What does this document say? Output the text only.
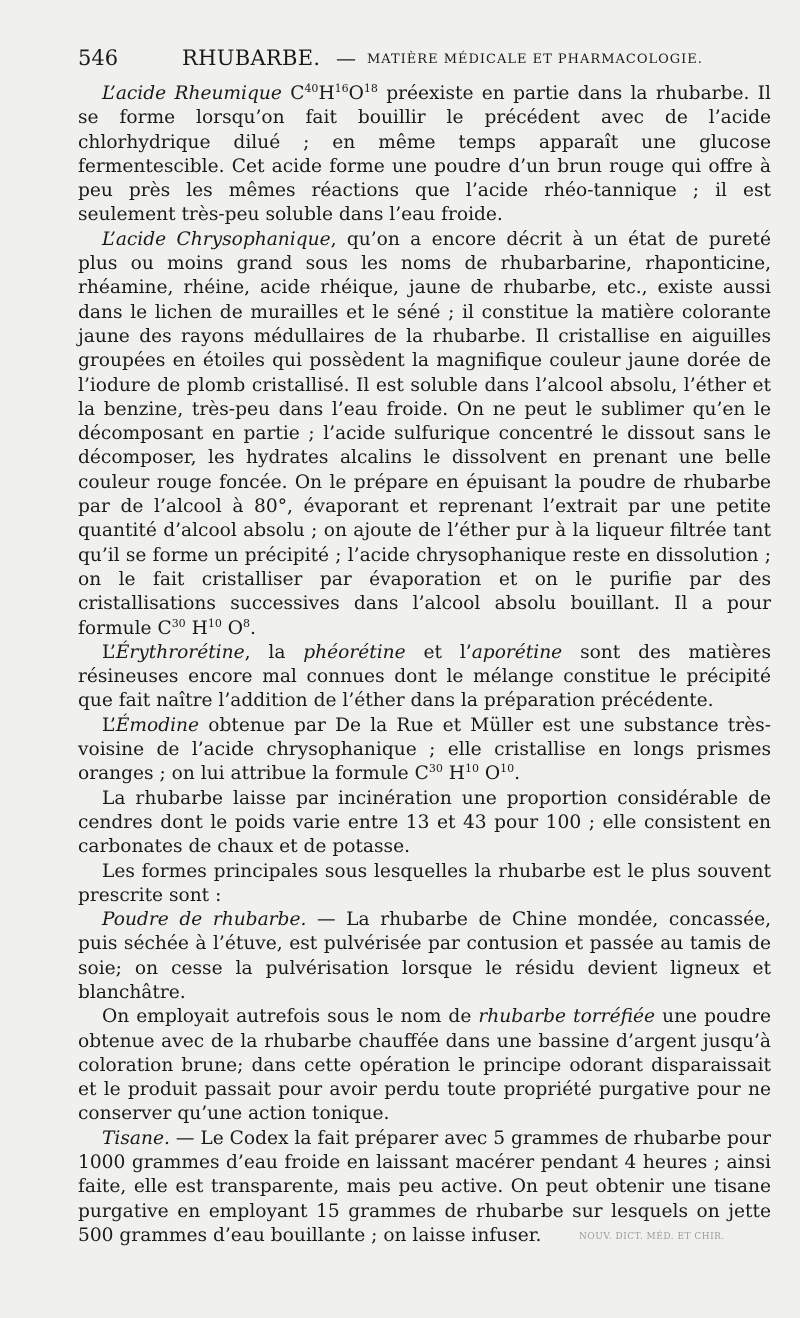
546	RHUBARBE. — MATIÈRE MÉDICALE ET PHARMACOLOGIE.

L’acide Rheumique $C^{40}H^{16}O^{18}$ préexiste en partie dans la rhubarbe. Il se forme lorsqu’on fait bouillir le précédent avec de l’acide chlorhydrique dilué ; en même temps apparaît une glucose fermentescible. Cet acide forme une poudre d’un brun rouge qui offre à peu près les mêmes réactions que l’acide rhéo-tannique ; il est seulement très-peu soluble dans l’eau froide.

L’acide Chrysophanique, qu’on a encore décrit à un état de pureté plus ou moins grand sous les noms de rhubarbarine, rhaponticine, rhéamine, rhéine, acide rhéique, jaune de rhubarbe, etc., existe aussi dans le lichen de murailles et le séné ; il constitue la matière colorante jaune des rayons médullaires de la rhubarbe. Il cristallise en aiguilles groupées en étoiles qui possèdent la magnifique couleur jaune dorée de l’iodure de plomb cristallisé. Il est soluble dans l’alcool absolu, l’éther et la benzine, très-peu dans l’eau froide. On ne peut le sublimer qu’en le décomposant en partie ; l’acide sulfurique concentré le dissout sans le décomposer, les hydrates alcalins le dissolvent en prenant une belle couleur rouge foncée. On le prépare en épuisant la poudre de rhubarbe par de l’alcool à 80°, évaporant et reprenant l’extrait par une petite quantité d’alcool absolu ; on ajoute de l’éther pur à la liqueur filtrée tant qu’il se forme un précipité ; l’acide chrysophanique reste en dissolution ; on le fait cristalliser par évaporation et on le purifie par des cristallisations successives dans l’alcool absolu bouillant. Il a pour formule $C^{30}$ $H^{10}$ $O^8$.

L’Érythrorétine, la phéorétine et l’aporétine sont des matières résineuses encore mal connues dont le mélange constitue le précipité que fait naître l’addition de l’éther dans la préparation précédente.

L’Émodine obtenue par De la Rue et Müller est une substance très-voisine de l’acide chrysophanique ; elle cristallise en longs prismes oranges ; on lui attribue la formule $C^{30}$ $H^{10}$ $O^{10}$.

La rhubarbe laisse par incinération une proportion considérable de cendres dont le poids varie entre 13 et 43 pour 100 ; elle consistent en carbonates de chaux et de potasse.

Les formes principales sous lesquelles la rhubarbe est le plus souvent prescrite sont :

Poudre de rhubarbe. — La rhubarbe de Chine mondée, concassée, puis séchée à l’étuve, est pulvérisée par contusion et passée au tamis de soie; on cesse la pulvérisation lorsque le résidu devient ligneux et blanchâtre.

On employait autrefois sous le nom de rhubarbe torréfiée une poudre obtenue avec de la rhubarbe chauffée dans une bassine d’argent jusqu’à coloration brune; dans cette opération le principe odorant disparaissait et le produit passait pour avoir perdu toute propriété purgative pour ne conserver qu’une action tonique.

Tisane. — Le Codex la fait préparer avec 5 grammes de rhubarbe pour 1000 grammes d’eau froide en laissant macérer pendant 4 heures ; ainsi faite, elle est transparente, mais peu active. On peut obtenir une tisane purgative en employant 15 grammes de rhubarbe sur lesquels on jette 500 grammes d’eau bouillante ; on laisse infuser.	NOUV. DICT. MÉD. ET CHIR.
